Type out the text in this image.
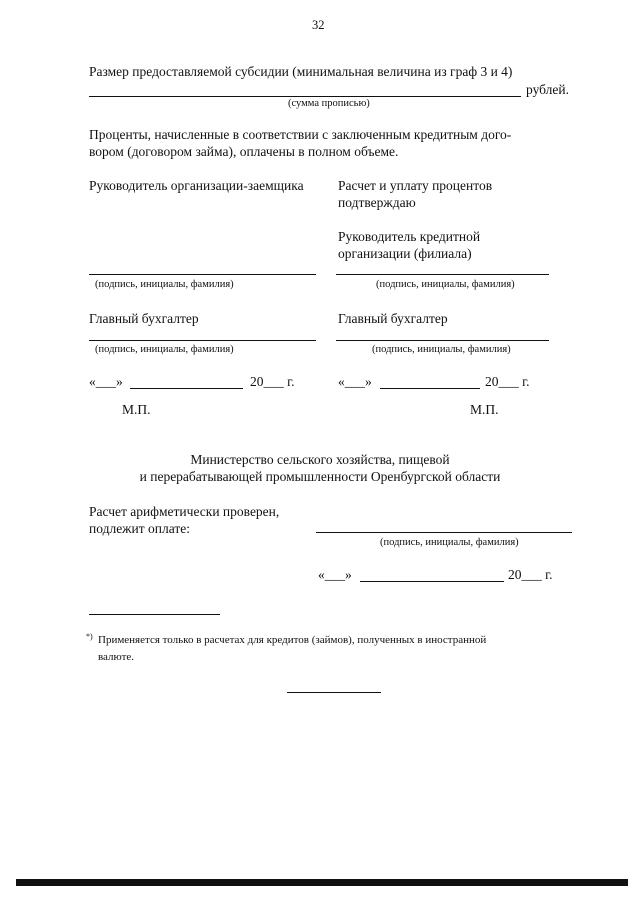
32
Размер предоставляемой субсидии (минимальная величина из граф 3 и 4)
рублей.
(сумма прописью)
Проценты, начисленные в соответствии с заключенным кредитным дого-
вором (договором займа), оплачены в полном объеме.
Руководитель организации-заемщика
(подпись, инициалы, фамилия)
Главный бухгалтер
(подпись, инициалы, фамилия)
«___»	20___ г.
М.П.
Расчет и уплату процентов
подтверждаю
Руководитель кредитной
организации (филиала)
(подпись, инициалы, фамилия)
Главный бухгалтер
(подпись, инициалы, фамилия)
«___»	20___ г.
М.П.
Министерство сельского хозяйства, пищевой
и перерабатывающей промышленности Оренбургской области
Расчет арифметически проверен,
подлежит оплате:
(подпись, инициалы, фамилия)
«___»	20___ г.
*) Применяется только в расчетах для кредитов (займов), полученных в иностранной
валюте.
